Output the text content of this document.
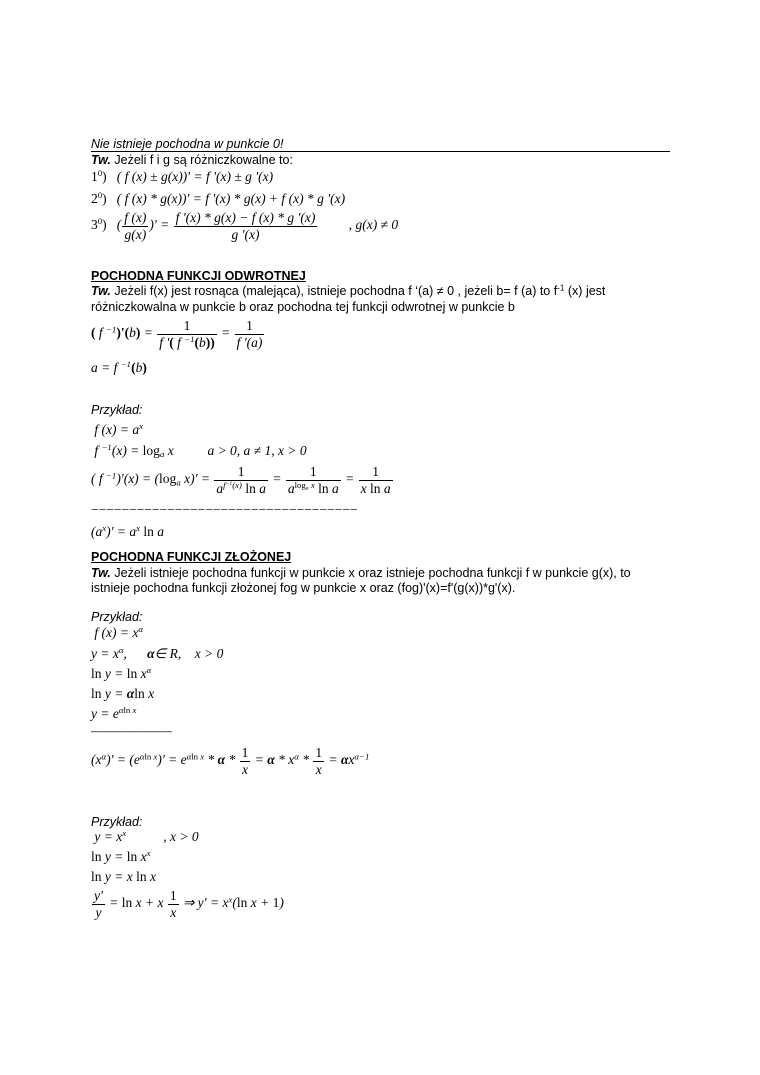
Nie istnieje pochodna w punkcie 0!
Tw. Jeżeli f i g są różniczkowalne to:
$1^0$)   ( f (x) ± g(x))' = f '(x) ± g '(x)
$2^0$)   ( f (x) * g(x))' = f '(x) * g(x) + f (x) * g '(x)
$3^0$)   ( $\frac{f (x)}{g(x)}$ )' = $\frac{f '(x) * g(x) - f (x) * g '(x)}{g '(x)}$ , g(x) ≠ 0
POCHODNA FUNKCJI ODWROTNEJ
Tw. Jeżeli f(x) jest rosnąca (malejąca), istnieje pochodna f ‘(a) ≠ 0 , jeżeli b= f (a) to $f^{-1}$ (x) jest
różniczkowalna w punkcie b oraz pochodna tej funkcji odwrotnej w punkcie b
( f $^{-1})'(b) = \frac{1}{f '( f ^{-1}(b))} = \frac{1}{f '(a)}$
a = f $^{-1}$(b)
Przykład:
f $(x) = a^x$
f $^{-1}(x) = \log_a x$          a > 0, a ≠ 1, x > 0
( f $^{-1})'(x) = (\log_a$ $x)' = \frac{1}{a^{f^{-1}(x)} \ln a} = \frac{1}{a^{log_a x} \ln a} = \frac{1}{\text{x ln a}}$
−−−−−−−−−−−−−−−−−−−−−−−−−−−−−−−−−−−
$(a^x)' = a^x$ ln a
POCHODNA FUNKCJI ZŁOŻONEJ
Tw. Jeżeli istnieje pochodna funkcji w punkcie x oraz istnieje pochodna funkcji f w punkcie g(x), to
istnieje pochodna funkcji złożonej fog w punkcie x oraz (fog)'(x)=f'(g(x))*g'(x).
Przykład:
f $(x) = x^\alpha$
$y = x^\alpha$,      α∈ R,    x > 0
$\ln y = \ln x^\alpha$
ln y = αln x
$y = e^{\alpha ln x}$
——————
$(x^\alpha)' = (e^{\alpha ln x})' = e^{\alpha ln x} * \alpha * \frac{1}{x} = \alpha * x^\alpha * \frac{1}{x} = \alpha x^{\alpha-1}$
Przykład:
$y = x^x$           , x > 0
$\ln y = \ln x^x$
ln y = x ln x
$\frac{y'}{y} = \ln x + x \frac{1}{x}$ ⇒ $y' = x^x(\ln$ x + 1)
